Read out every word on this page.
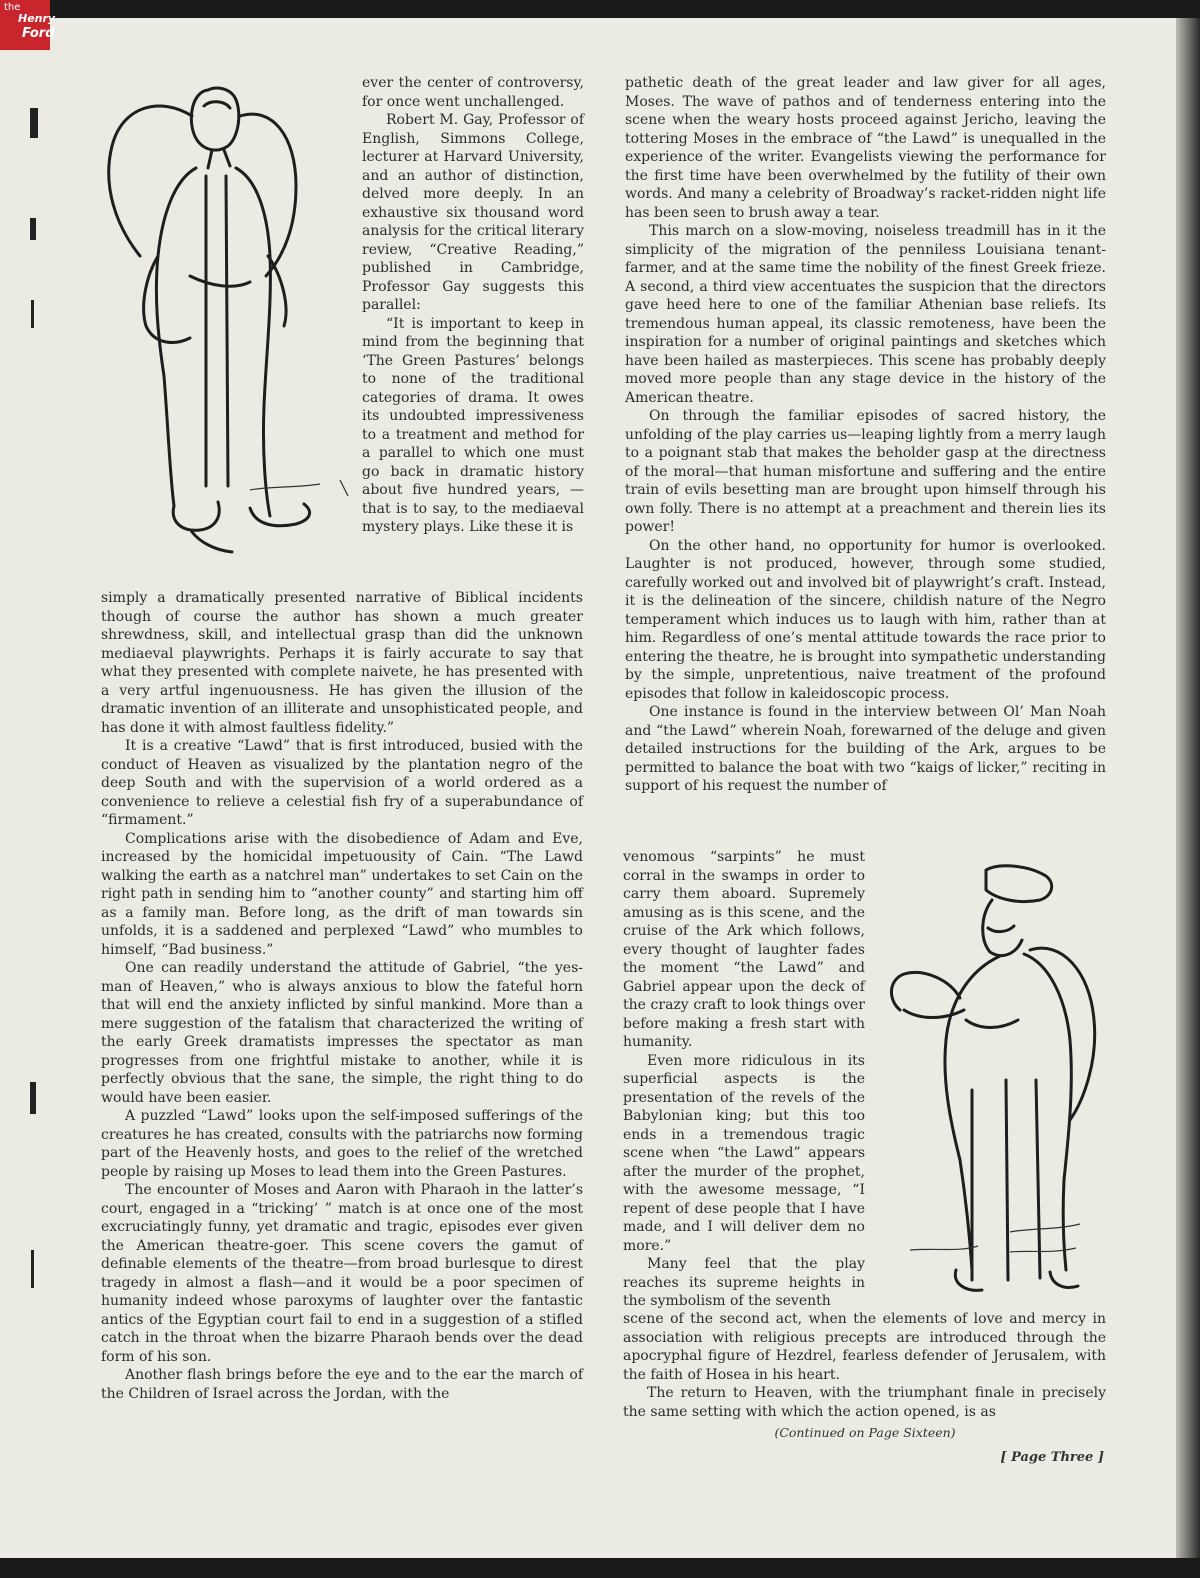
the
Henry
Ford

ever the center of controversy, for once went unchallenged.

Robert M. Gay, Professor of English, Simmons College, lecturer at Harvard University, and an author of distinction, delved more deeply. In an exhaustive six thousand word analysis for the critical literary review, “Creative Reading,” published in Cambridge, Professor Gay suggests this parallel:

“It is important to keep in mind from the beginning that ‘The Green Pastures’ belongs to none of the traditional categories of drama. It owes its undoubted impressiveness to a treatment and method for a parallel to which one must go back in dramatic history about five hundred years, — that is to say, to the mediaeval mystery plays. Like these it is

simply a dramatically presented narrative of Biblical incidents though of course the author has shown a much greater shrewdness, skill, and intellectual grasp than did the unknown mediaeval playwrights. Perhaps it is fairly accurate to say that what they presented with complete naivete, he has presented with a very artful ingenuousness. He has given the illusion of the dramatic invention of an illiterate and unsophisticated people, and has done it with almost faultless fidelity.”

It is a creative “Lawd” that is first introduced, busied with the conduct of Heaven as visualized by the plantation negro of the deep South and with the supervision of a world ordered as a convenience to relieve a celestial fish fry of a superabundance of “firmament.”

Complications arise with the disobedience of Adam and Eve, increased by the homicidal impetuousity of Cain. “The Lawd walking the earth as a natchrel man” undertakes to set Cain on the right path in sending him to “another county” and starting him off as a family man. Before long, as the drift of man towards sin unfolds, it is a saddened and perplexed “Lawd” who mumbles to himself, “Bad business.”

One can readily understand the attitude of Gabriel, “the yes-man of Heaven,” who is always anxious to blow the fateful horn that will end the anxiety inflicted by sinful mankind. More than a mere suggestion of the fatalism that characterized the writing of the early Greek dramatists impresses the spectator as man progresses from one frightful mistake to another, while it is perfectly obvious that the sane, the simple, the right thing to do would have been easier.

A puzzled “Lawd” looks upon the self-imposed sufferings of the creatures he has created, consults with the patriarchs now forming part of the Heavenly hosts, and goes to the relief of the wretched people by raising up Moses to lead them into the Green Pastures.

The encounter of Moses and Aaron with Pharaoh in the latter’s court, engaged in a “tricking’ ” match is at once one of the most excruciatingly funny, yet dramatic and tragic, episodes ever given the American theatre-goer. This scene covers the gamut of definable elements of the theatre—from broad burlesque to direst tragedy in almost a flash—and it would be a poor specimen of humanity indeed whose paroxyms of laughter over the fantastic antics of the Egyptian court fail to end in a suggestion of a stifled catch in the throat when the bizarre Pharaoh bends over the dead form of his son.

Another flash brings before the eye and to the ear the march of the Children of Israel across the Jordan, with the

pathetic death of the great leader and law giver for all ages, Moses. The wave of pathos and of tenderness entering into the scene when the weary hosts proceed against Jericho, leaving the tottering Moses in the embrace of “the Lawd” is unequalled in the experience of the writer. Evangelists viewing the performance for the first time have been overwhelmed by the futility of their own words. And many a celebrity of Broadway’s racket-ridden night life has been seen to brush away a tear.

This march on a slow-moving, noiseless treadmill has in it the simplicity of the migration of the penniless Louisiana tenant-farmer, and at the same time the nobility of the finest Greek frieze. A second, a third view accentuates the suspicion that the directors gave heed here to one of the familiar Athenian base reliefs. Its tremendous human appeal, its classic remoteness, have been the inspiration for a number of original paintings and sketches which have been hailed as masterpieces. This scene has probably deeply moved more people than any stage device in the history of the American theatre.

On through the familiar episodes of sacred history, the unfolding of the play carries us—leaping lightly from a merry laugh to a poignant stab that makes the beholder gasp at the directness of the moral—that human misfortune and suffering and the entire train of evils besetting man are brought upon himself through his own folly. There is no attempt at a preachment and therein lies its power!

On the other hand, no opportunity for humor is overlooked. Laughter is not produced, however, through some studied, carefully worked out and involved bit of playwright’s craft. Instead, it is the delineation of the sincere, childish nature of the Negro temperament which induces us to laugh with him, rather than at him. Regardless of one’s mental attitude towards the race prior to entering the theatre, he is brought into sympathetic understanding by the simple, unpretentious, naive treatment of the profound episodes that follow in kaleidoscopic process.

One instance is found in the interview between Ol’ Man Noah and “the Lawd” wherein Noah, forewarned of the deluge and given detailed instructions for the building of the Ark, argues to be permitted to balance the boat with two “kaigs of licker,” reciting in support of his request the number of

venomous “sarpints” he must corral in the swamps in order to carry them aboard. Supremely amusing as is this scene, and the cruise of the Ark which follows, every thought of laughter fades the moment “the Lawd” and Gabriel appear upon the deck of the crazy craft to look things over before making a fresh start with humanity.

Even more ridiculous in its superficial aspects is the presentation of the revels of the Babylonian king; but this too ends in a tremendous tragic scene when “the Lawd” appears after the murder of the prophet, with the awesome message, “I repent of dese people that I have made, and I will deliver dem no more.”

Many feel that the play reaches its supreme heights in the symbolism of the seventh

scene of the second act, when the elements of love and mercy in association with religious precepts are introduced through the apocryphal figure of Hezdrel, fearless defender of Jerusalem, with the faith of Hosea in his heart.

The return to Heaven, with the triumphant finale in precisely the same setting with which the action opened, is as

(Continued on Page Sixteen)
[ Page Three ]
